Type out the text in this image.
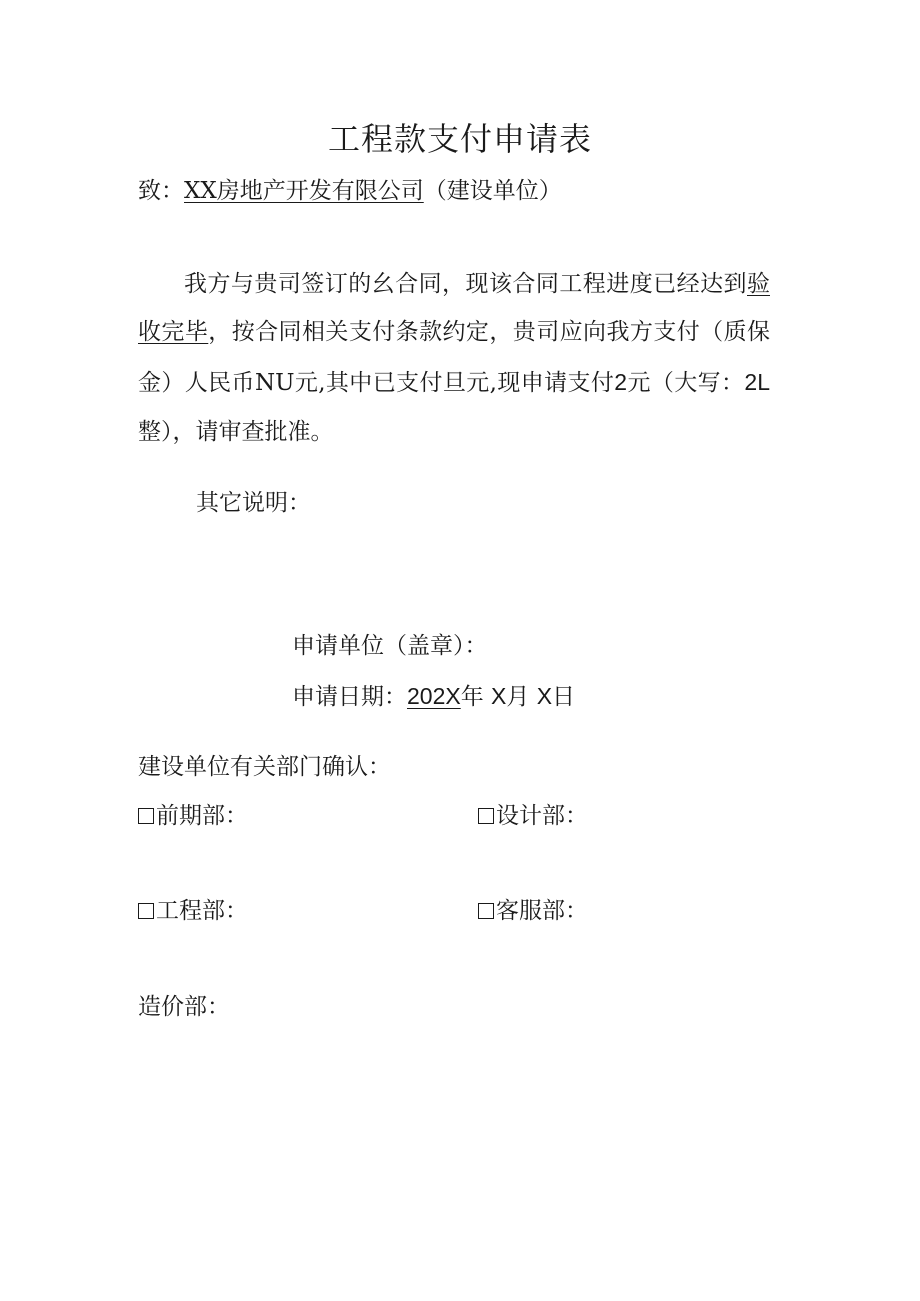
工程款支付申请表
致：XX房地产开发有限公司（建设单位）
我方与贵司签订的幺合同，现该合同工程进度已经达到验
收完毕，按合同相关支付条款约定，贵司应向我方支付（质保
金）人民币NU元,其中已支付旦元,现申请支付2元（大写：2L
整），请审查批准。
其它说明：
申请单位（盖章）：
申请日期：202X年 X月 X日
建设单位有关部门确认：
前期部：	设计部：
工程部：	客服部：
造价部：
